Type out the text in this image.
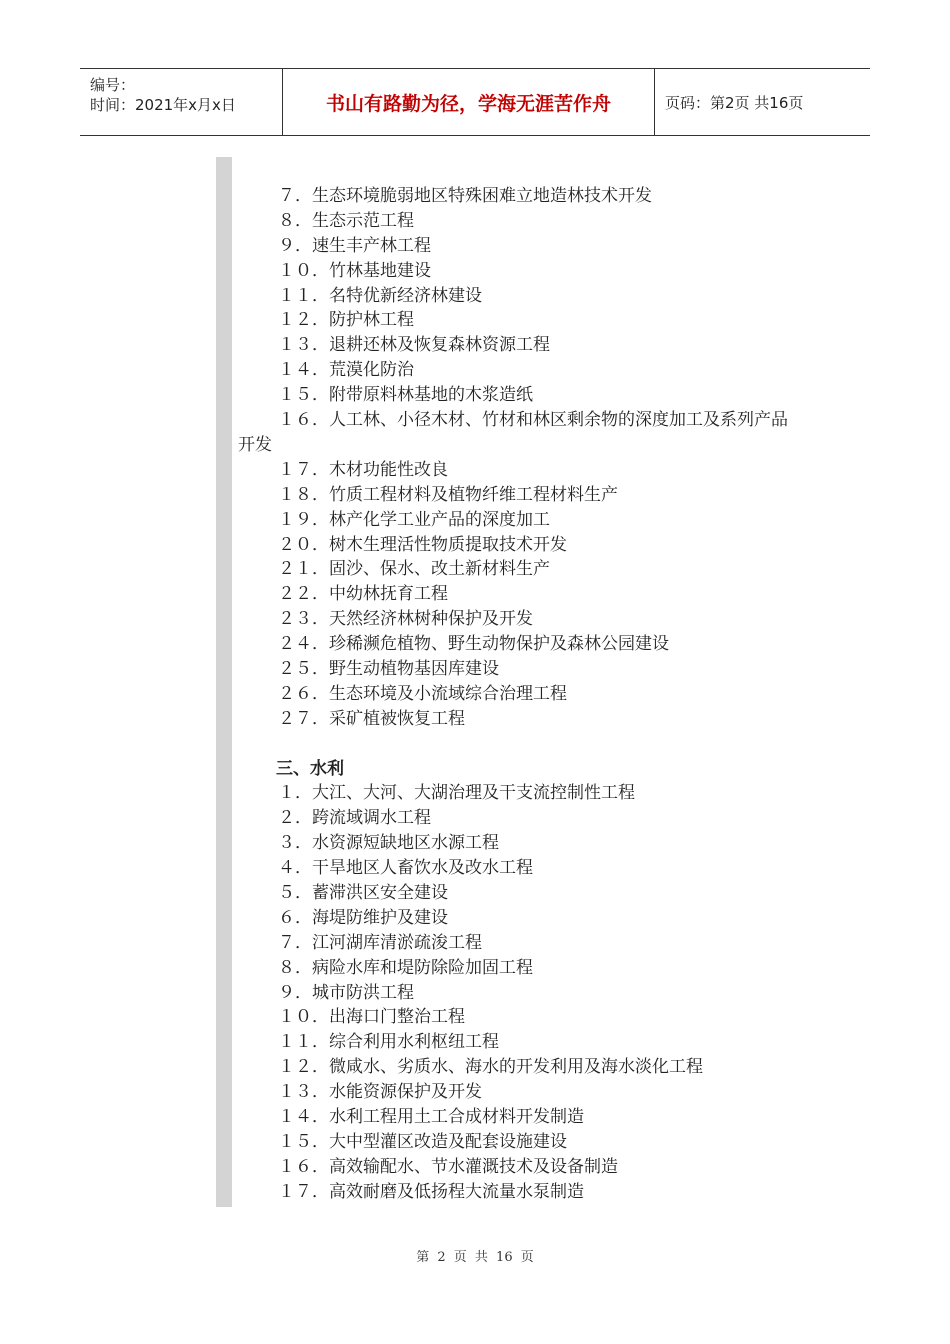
编号：
时间：2021年x月x日	书山有路勤为径，学海无涯苦作舟	页码：第2页 共16页
７．生态环境脆弱地区特殊困难立地造林技术开发
８．生态示范工程
９．速生丰产林工程
１０．竹林基地建设
１１．名特优新经济林建设
１２．防护林工程
１３．退耕还林及恢复森林资源工程
１４．荒漠化防治
１５．附带原料林基地的木浆造纸
１６．人工林、小径木材、竹材和林区剩余物的深度加工及系列产品开发
１７．木材功能性改良
１８．竹质工程材料及植物纤维工程材料生产
１９．林产化学工业产品的深度加工
２０．树木生理活性物质提取技术开发
２１．固沙、保水、改土新材料生产
２２．中幼林抚育工程
２３．天然经济林树种保护及开发
２４．珍稀濒危植物、野生动物保护及森林公园建设
２５．野生动植物基因库建设
２６．生态环境及小流域综合治理工程
２７．采矿植被恢复工程
三、水利
１．大江、大河、大湖治理及干支流控制性工程
２．跨流域调水工程
３．水资源短缺地区水源工程
４．干旱地区人畜饮水及改水工程
５．蓄滞洪区安全建设
６．海堤防维护及建设
７．江河湖库清淤疏浚工程
８．病险水库和堤防除险加固工程
９．城市防洪工程
１０．出海口门整治工程
１１．综合利用水利枢纽工程
１２．微咸水、劣质水、海水的开发利用及海水淡化工程
１３．水能资源保护及开发
１４．水利工程用土工合成材料开发制造
１５．大中型灌区改造及配套设施建设
１６．高效输配水、节水灌溉技术及设备制造
１７．高效耐磨及低扬程大流量水泵制造
第 2 页 共 16 页
